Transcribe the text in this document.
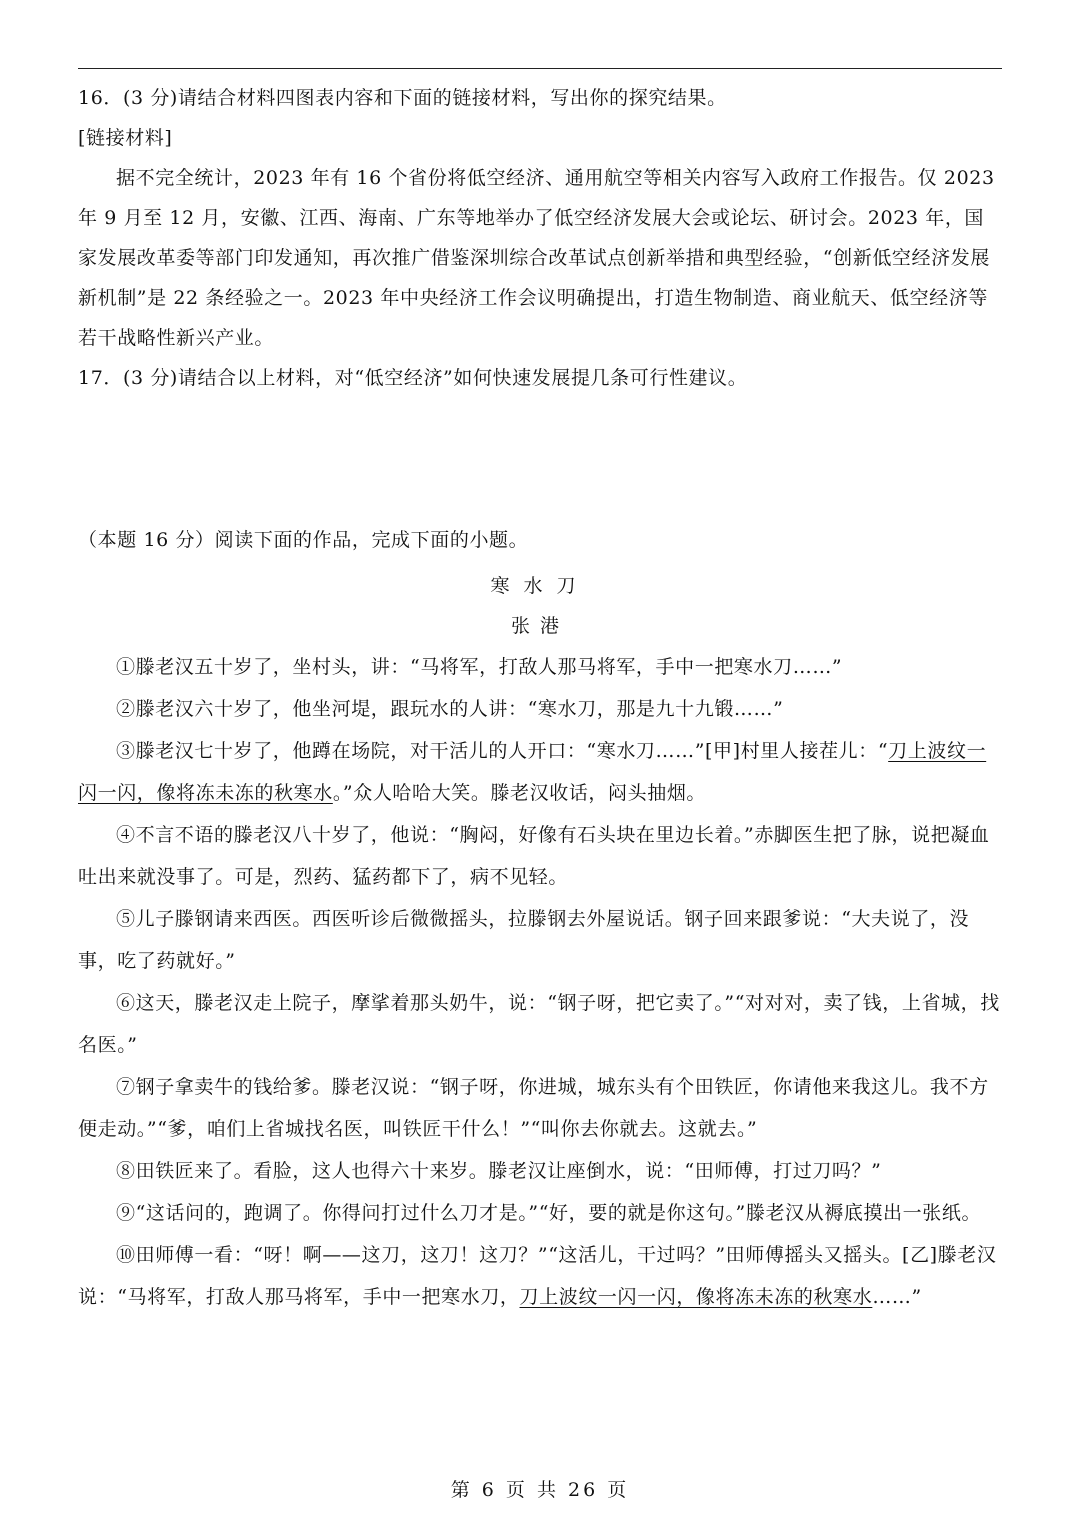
16．(3 分)请结合材料四图表内容和下面的链接材料，写出你的探究结果。

[链接材料]

据不完全统计，2023 年有 16 个省份将低空经济、通用航空等相关内容写入政府工作报告。仅 2023 年 9 月至 12 月，安徽、江西、海南、广东等地举办了低空经济发展大会或论坛、研讨会。2023 年，国家发展改革委等部门印发通知，再次推广借鉴深圳综合改革试点创新举措和典型经验，“创新低空经济发展新机制”是 22 条经验之一。2023 年中央经济工作会议明确提出，打造生物制造、商业航天、低空经济等若干战略性新兴产业。

17．(3 分)请结合以上材料，对“低空经济”如何快速发展提几条可行性建议。

（本题 16 分）阅读下面的作品，完成下面的小题。

寒水刀

张港

①滕老汉五十岁了，坐村头，讲：“马将军，打敌人那马将军，手中一把寒水刀……”

②滕老汉六十岁了，他坐河堤，跟玩水的人讲：“寒水刀，那是九十九锻……”

③滕老汉七十岁了，他蹲在场院，对干活儿的人开口：“寒水刀……”[甲]村里人接茬儿：“刀上波纹一闪一闪，像将冻未冻的秋寒水。”众人哈哈大笑。滕老汉收话，闷头抽烟。

④不言不语的滕老汉八十岁了，他说：“胸闷，好像有石头块在里边长着。”赤脚医生把了脉，说把凝血吐出来就没事了。可是，烈药、猛药都下了，病不见轻。

⑤儿子滕钢请来西医。西医听诊后微微摇头，拉滕钢去外屋说话。钢子回来跟爹说：“大夫说了，没事，吃了药就好。”

⑥这天，滕老汉走上院子，摩挲着那头奶牛，说：“钢子呀，把它卖了。”“对对对，卖了钱，上省城，找名医。”

⑦钢子拿卖牛的钱给爹。滕老汉说：“钢子呀，你进城，城东头有个田铁匠，你请他来我这儿。我不方便走动。”“爹，咱们上省城找名医，叫铁匠干什么！”“叫你去你就去。这就去。”

⑧田铁匠来了。看脸，这人也得六十来岁。滕老汉让座倒水，说：“田师傅，打过刀吗？”

⑨“这话问的，跑调了。你得问打过什么刀才是。”“好，要的就是你这句。”滕老汉从褥底摸出一张纸。

⑩田师傅一看：“呀！啊——这刀，这刀！这刀？”“这活儿，干过吗？”田师傅摇头又摇头。[乙]滕老汉说：“马将军，打敌人那马将军，手中一把寒水刀，刀上波纹一闪一闪，像将冻未冻的秋寒水……”

第 6 页 共 26 页
